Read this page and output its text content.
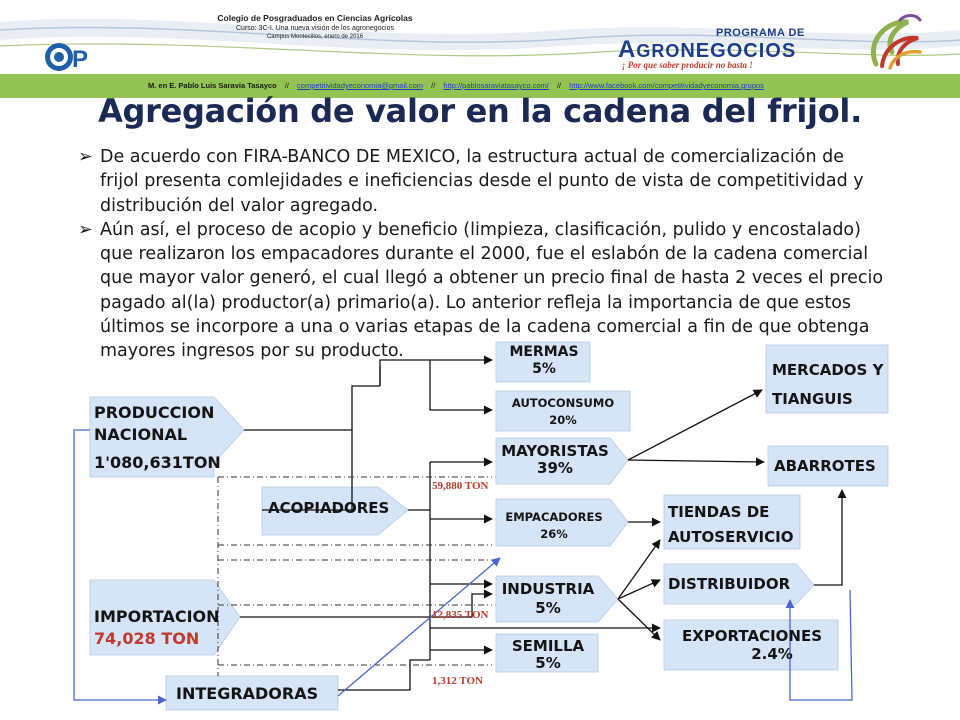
P
Colegio de Posgraduados en Ciencias Agrícolas
Curso: 3C-I. Una nueva visión de los agronegocios
Campus Montecillos, enero de 2016	PROGRAMA DE
AGRONEGOCIOS
¡ Por que saber producir no basta !
M. en E. Pablo Luis Saravia Tasayco // competitividadyeconomia@gmail.com // http://pablosaraviatasayco.com/ // http://www.facebook.com/competitividadyeconomia.grupos
Agregación de valor en la cadena del frijol.
➢ De acuerdo con FIRA-BANCO DE MEXICO, la estructura actual de comercialización de
frijol presenta comlejidades e ineficiencias desde el punto de vista de competitividad y
distribución del valor agregado.
➢ Aún así, el proceso de acopio y beneficio (limpieza, clasificación, pulido y encostalado)
que realizaron los empacadores durante el 2000, fue el eslabón de la cadena comercial
que mayor valor generó, el cual llegó a obtener un precio final de hasta 2 veces el precio
pagado al(la) productor(a) primario(a). Lo anterior refleja la importancia de que estos
últimos se incorpore a una o varias etapas de la cadena comercial a fin de que obtenga
mayores ingresos por su producto.
PRODUCCION
NACIONAL
1'080,631TON
IMPORTACION
74,028 TON
ACOPIADORES
INTEGRADORAS
MERMAS
5%
AUTOCONSUMO
20%
MAYORISTAS
39%
EMPACADORES
26%
INDUSTRIA
5%
SEMILLA
5%
MERCADOS Y
TIANGUIS
ABARROTES
TIENDAS DE
AUTOSERVICIO
DISTRIBUIDOR
EXPORTACIONES
2.4%
59,880 TON
12,835 TON
1,312 TON
